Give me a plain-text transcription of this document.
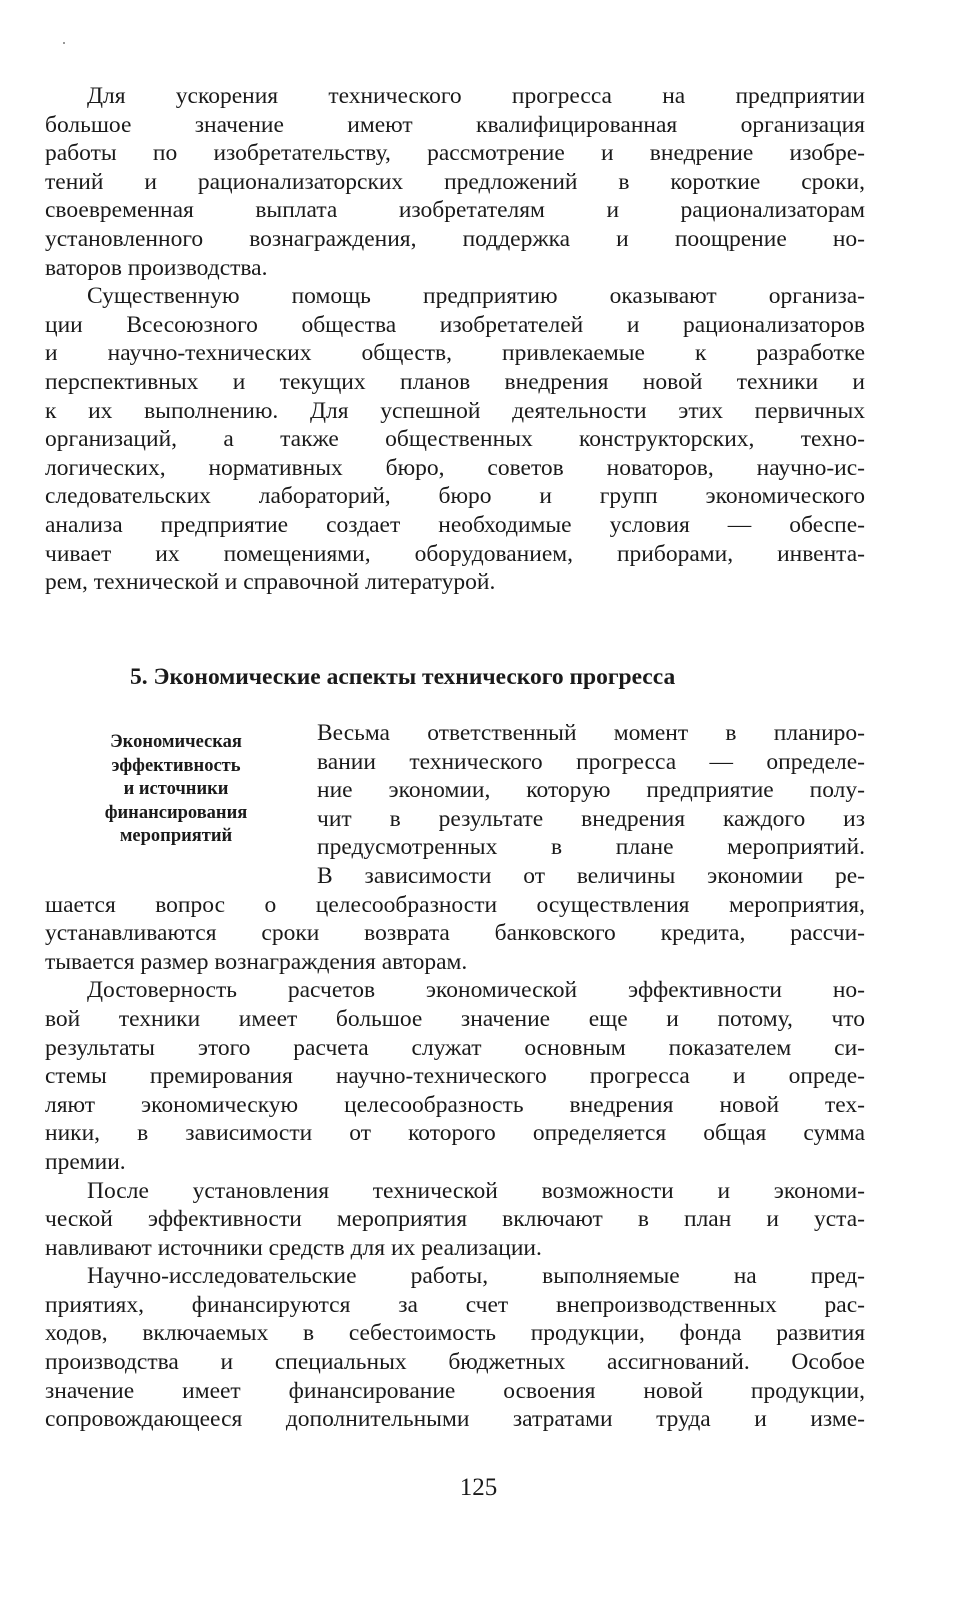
Для ускорения технического прогресса на предприятии
большое значение имеют квалифицированная организация
работы по изобретательству, рассмотрение и внедрение изобре-
тений и рационализаторских предложений в короткие сроки,
своевременная выплата изобретателям и рационализаторам
установленного вознаграждения, поддержка и поощрение но-
ваторов производства.
Существенную помощь предприятию оказывают организа-
ции Всесоюзного общества изобретателей и рационализаторов
и научно-технических обществ, привлекаемые к разработке
перспективных и текущих планов внедрения новой техники и
к их выполнению. Для успешной деятельности этих первичных
организаций, а также общественных конструкторских, техно-
логических, нормативных бюро, советов новаторов, научно-ис-
следовательских лабораторий, бюро и групп экономического
анализа предприятие создает необходимые условия — обеспе-
чивает их помещениями, оборудованием, приборами, инвента-
рем, технической и справочной литературой.
5. Экономические аспекты технического прогресса
Экономическая
эффективность
и источники
финансирования
мероприятий
Весьма ответственный момент в планиро-
вании технического прогресса — определе-
ние экономии, которую предприятие полу-
чит в результате внедрения каждого из
предусмотренных в плане мероприятий.
В зависимости от величины экономии ре-
шается вопрос о целесообразности осуществления мероприятия,
устанавливаются сроки возврата банковского кредита, рассчи-
тывается размер вознаграждения авторам.
Достоверность расчетов экономической эффективности но-
вой техники имеет большое значение еще и потому, что
результаты этого расчета служат основным показателем си-
стемы премирования научно-технического прогресса и опреде-
ляют экономическую целесообразность внедрения новой тех-
ники, в зависимости от которого определяется общая сумма
премии.
После установления технической возможности и экономи-
ческой эффективности мероприятия включают в план и уста-
навливают источники средств для их реализации.
Научно-исследовательские работы, выполняемые на пред-
приятиях, финансируются за счет внепроизводственных рас-
ходов, включаемых в себестоимость продукции, фонда развития
производства и специальных бюджетных ассигнований. Особое
значение имеет финансирование освоения новой продукции,
сопровождающееся дополнительными затратами труда и изме-
125
